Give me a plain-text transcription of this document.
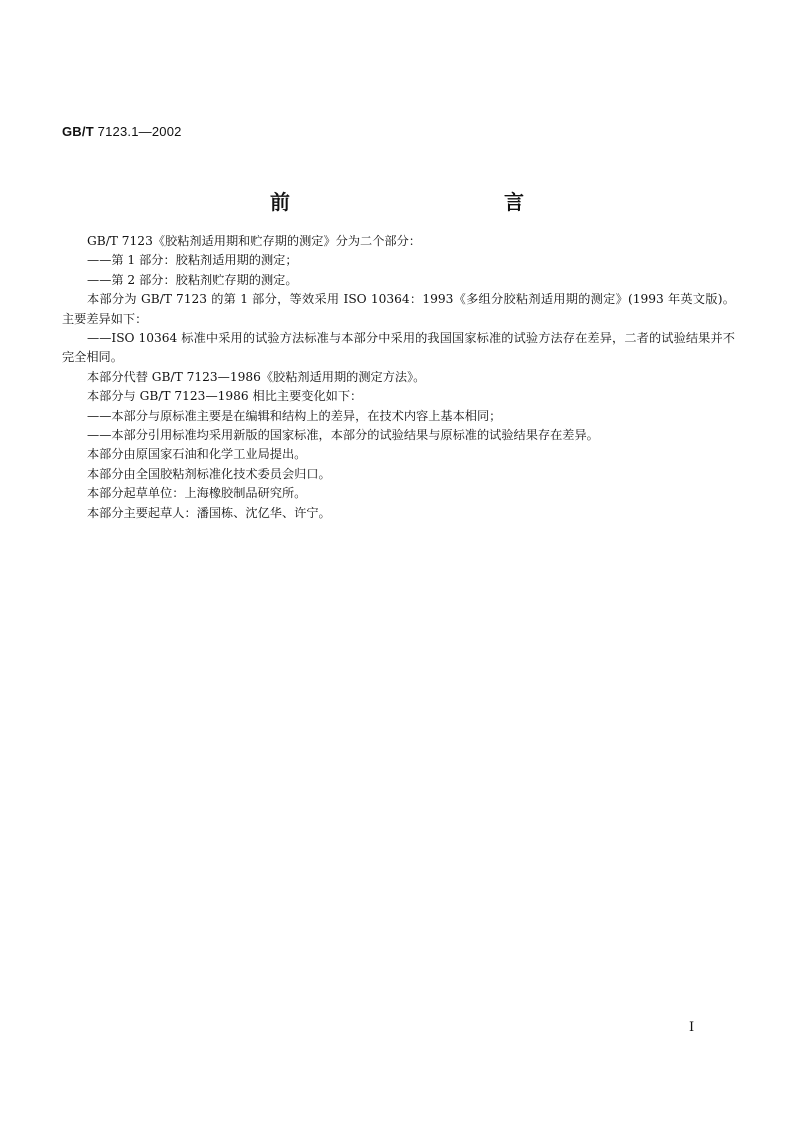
GB/T 7123.1—2002
前　　言

GB/T 7123《胶粘剂适用期和贮存期的测定》分为二个部分：

——第 1 部分：胶粘剂适用期的测定；

——第 2 部分：胶粘剂贮存期的测定。

本部分为 GB/T 7123 的第 1 部分，等效采用 ISO 10364：1993《多组分胶粘剂适用期的测定》(1993 年英文版)。主要差异如下：

——ISO 10364 标准中采用的试验方法标准与本部分中采用的我国国家标准的试验方法存在差异，二者的试验结果并不完全相同。

本部分代替 GB/T 7123—1986《胶粘剂适用期的测定方法》。

本部分与 GB/T 7123—1986 相比主要变化如下：

——本部分与原标准主要是在编辑和结构上的差异，在技术内容上基本相同；

——本部分引用标准均采用新版的国家标准，本部分的试验结果与原标准的试验结果存在差异。

本部分由原国家石油和化学工业局提出。

本部分由全国胶粘剂标准化技术委员会归口。

本部分起草单位：上海橡胶制品研究所。

本部分主要起草人：潘国栋、沈亿华、许宁。

I
